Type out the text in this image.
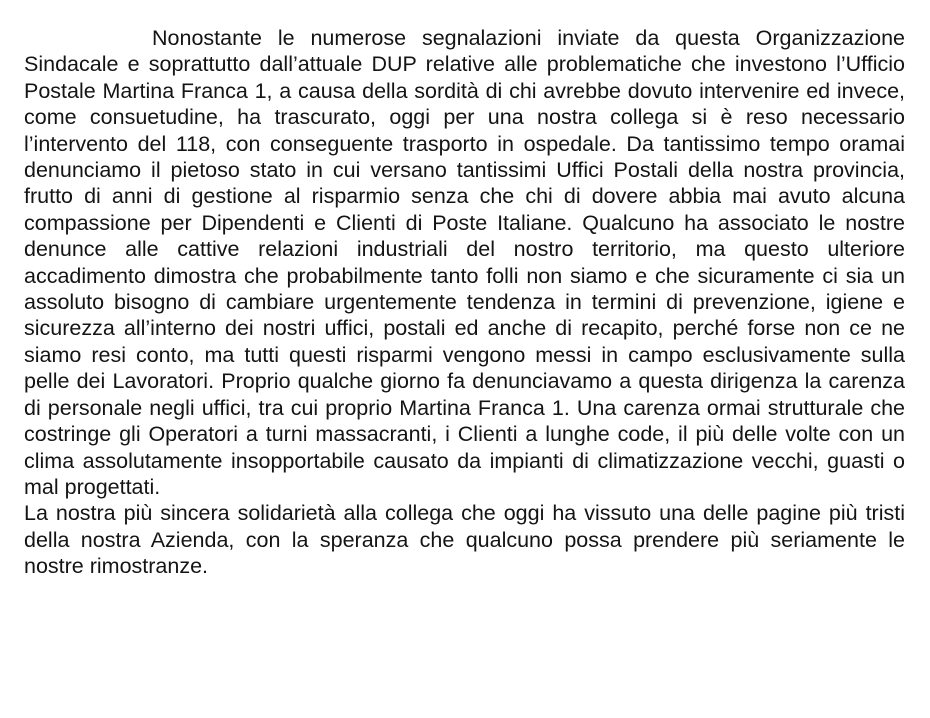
Nonostante le numerose segnalazioni inviate da questa Organizzazione Sindacale e soprattutto dall’attuale DUP relative alle problematiche che investono l’Ufficio Postale Martina Franca 1, a causa della sordità di chi avrebbe dovuto intervenire ed invece, come consuetudine, ha trascurato, oggi per una nostra collega si è reso necessario l’intervento del 118, con conseguente trasporto in ospedale. Da tantissimo tempo oramai denunciamo il pietoso stato in cui versano tantissimi Uffici Postali della nostra provincia, frutto di anni di gestione al risparmio senza che chi di dovere abbia mai avuto alcuna compassione per Dipendenti e Clienti di Poste Italiane. Qualcuno ha associato le nostre denunce alle cattive relazioni industriali del nostro territorio, ma questo ulteriore accadimento dimostra che probabilmente tanto folli non siamo e che sicuramente ci sia un assoluto bisogno di cambiare urgentemente tendenza in termini di prevenzione, igiene e sicurezza all’interno dei nostri uffici, postali ed anche di recapito, perché forse non ce ne siamo resi conto, ma tutti questi risparmi vengono messi in campo esclusivamente sulla pelle dei Lavoratori. Proprio qualche giorno fa denunciavamo a questa dirigenza la carenza di personale negli uffici, tra cui proprio Martina Franca 1. Una carenza ormai strutturale che costringe gli Operatori a turni massacranti, i Clienti a lunghe code, il più delle volte con un clima assolutamente insopportabile causato da impianti di climatizzazione vecchi, guasti o mal progettati.

La nostra più sincera solidarietà alla collega che oggi ha vissuto una delle pagine più tristi della nostra Azienda, con la speranza che qualcuno possa prendere più seriamente le nostre rimostranze.
